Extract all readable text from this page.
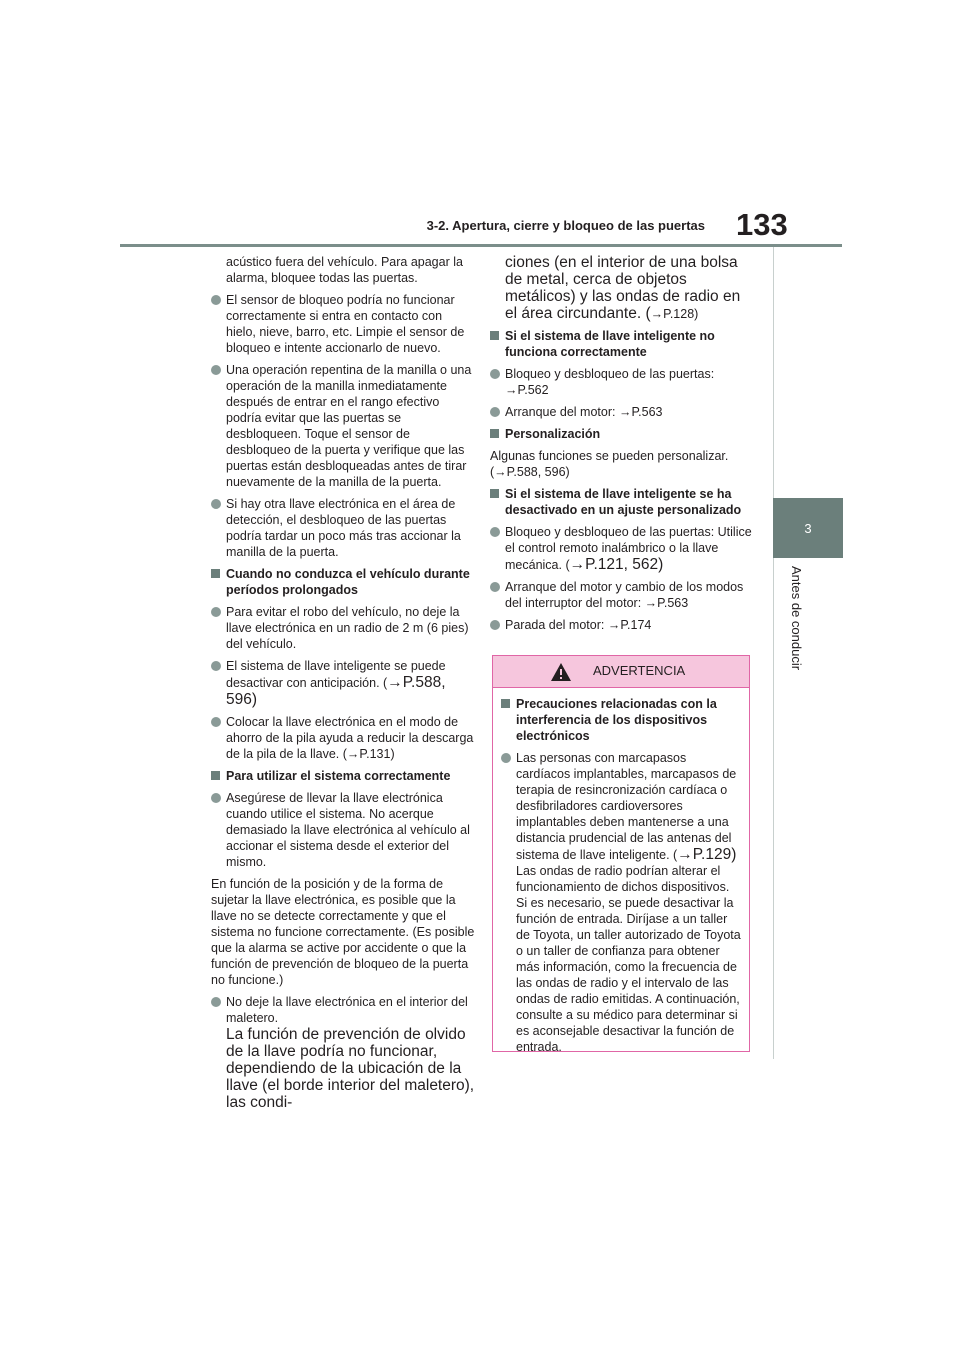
3-2. Apertura, cierre y bloqueo de las puertas 133
3
Antes de conducir
acústico fuera del vehículo. Para apagar la alarma, bloquee todas las puertas.
El sensor de bloqueo podría no funcionar correctamente si entra en contacto con hielo, nieve, barro, etc. Limpie el sensor de bloqueo e intente accionarlo de nuevo.
Una operación repentina de la manilla o una operación de la manilla inmediatamente después de entrar en el rango efectivo podría evitar que las puertas se desbloqueen. Toque el sensor de desbloqueo de la puerta y verifique que las puertas están desbloqueadas antes de tirar nuevamente de la manilla de la puerta.
Si hay otra llave electrónica en el área de detección, el desbloqueo de las puertas podría tardar un poco más tras accionar la manilla de la puerta.
Cuando no conduzca el vehículo durante períodos prolongados
Para evitar el robo del vehículo, no deje la llave electrónica en un radio de 2 m (6 pies) del vehículo.
El sistema de llave inteligente se puede desactivar con anticipación. (→P.588, 596)
Colocar la llave electrónica en el modo de ahorro de la pila ayuda a reducir la descarga de la pila de la llave. (→P.131)
Para utilizar el sistema correctamente
Asegúrese de llevar la llave electrónica cuando utilice el sistema. No acerque demasiado la llave electrónica al vehículo al accionar el sistema desde el exterior del mismo.
En función de la posición y de la forma de sujetar la llave electrónica, es posible que la llave no se detecte correctamente y que el sistema no funcione correctamente. (Es posible que la alarma se active por accidente o que la función de prevención de bloqueo de la puerta no funcione.)
No deje la llave electrónica en el interior del maletero.
La función de prevención de olvido de la llave podría no funcionar, dependiendo de la ubicación de la llave (el borde interior del maletero), las condi-
ciones (en el interior de una bolsa de metal, cerca de objetos metálicos) y las ondas de radio en el área circundante. (→P.128)
Si el sistema de llave inteligente no funciona correctamente
Bloqueo y desbloqueo de las puertas: →P.562
Arranque del motor: →P.563
Personalización
Algunas funciones se pueden personalizar. (→P.588, 596)
Si el sistema de llave inteligente se ha desactivado en un ajuste personalizado
Bloqueo y desbloqueo de las puertas: Utilice el control remoto inalámbrico o la llave mecánica. (→P.121, 562)
Arranque del motor y cambio de los modos del interruptor del motor: →P.563
Parada del motor: →P.174
ADVERTENCIA
Precauciones relacionadas con la interferencia de los dispositivos electrónicos
Las personas con marcapasos cardíacos implantables, marcapasos de terapia de resincronización cardíaca o desfibriladores cardioversores implantables deben mantenerse a una distancia prudencial de las antenas del sistema de llave inteligente. (→P.129)
Las ondas de radio podrían alterar el funcionamiento de dichos dispositivos. Si es necesario, se puede desactivar la función de entrada. Diríjase a un taller de Toyota, un taller autorizado de Toyota o un taller de confianza para obtener más información, como la frecuencia de las ondas de radio y el intervalo de las ondas de radio emitidas. A continuación, consulte a su médico para determinar si es aconsejable desactivar la función de entrada.
